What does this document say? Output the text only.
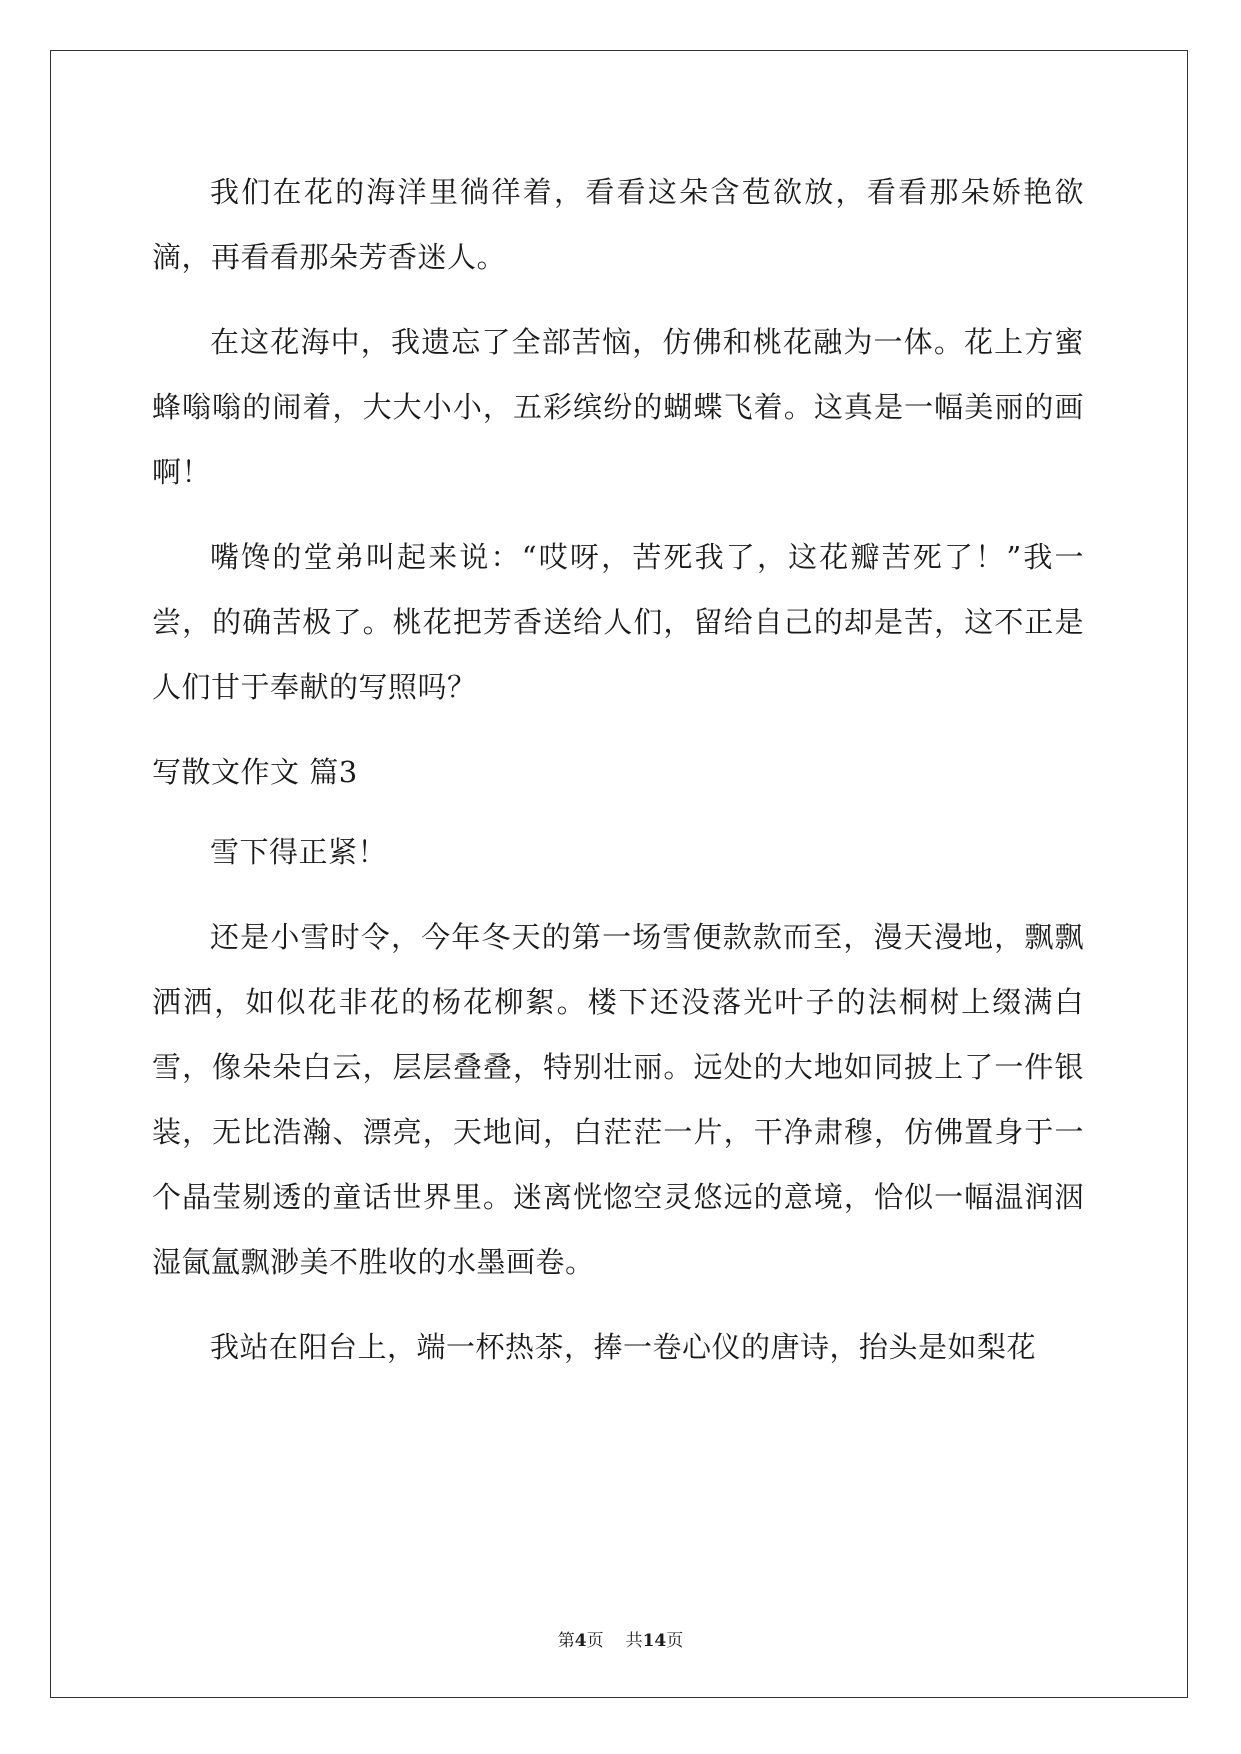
我们在花的海洋里徜徉着，看看这朵含苞欲放，看看那朵娇艳欲滴，再看看那朵芳香迷人。

在这花海中，我遗忘了全部苦恼，仿佛和桃花融为一体。花上方蜜蜂嗡嗡的闹着，大大小小，五彩缤纷的蝴蝶飞着。这真是一幅美丽的画啊！

嘴馋的堂弟叫起来说：“哎呀，苦死我了，这花瓣苦死了！”我一尝，的确苦极了。桃花把芳香送给人们，留给自己的却是苦，这不正是人们甘于奉献的写照吗？

写散文作文 篇3

雪下得正紧！

还是小雪时令，今年冬天的第一场雪便款款而至，漫天漫地，飘飘洒洒，如似花非花的杨花柳絮。楼下还没落光叶子的法桐树上缀满白雪，像朵朵白云，层层叠叠，特别壮丽。远处的大地如同披上了一件银装，无比浩瀚、漂亮，天地间，白茫茫一片，干净肃穆，仿佛置身于一个晶莹剔透的童话世界里。迷离恍惚空灵悠远的意境，恰似一幅温润洇湿氤氲飘渺美不胜收的水墨画卷。

我站在阳台上，端一杯热茶，捧一卷心仪的唐诗，抬头是如梨花

第4页 共14页
